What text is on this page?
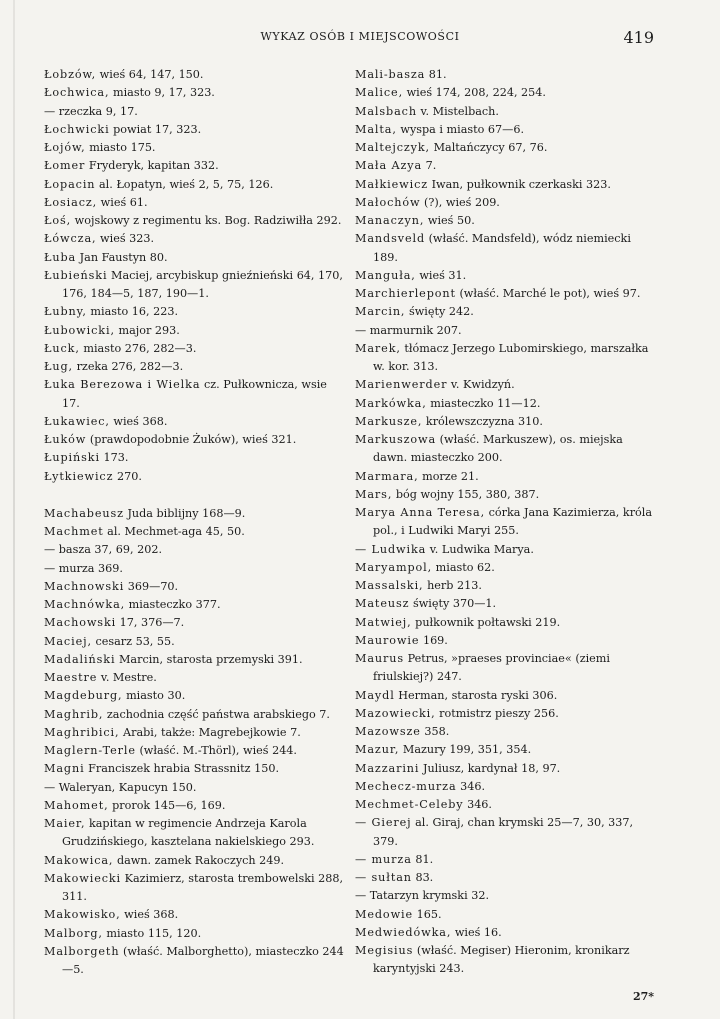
WYKAZ OSÓB I MIEJSCOWOŚCI	419
Łobzów, wieś 64, 147, 150.
Łochwica, miasto 9, 17, 323.
— rzeczka 9, 17.
Łochwicki powiat 17, 323.
Łojów, miasto 175.
Łomer Fryderyk, kapitan 332.
Łopacin al. Łopatyn, wieś 2, 5, 75, 126.
Łosiacz, wieś 61.
Łoś, wojskowy z regimentu ks. Bog. Radziwiłła 292.
Łówcza, wieś 323.
Łuba Jan Faustyn 80.
Łubieński Maciej, arcybiskup gnieźnieński 64, 170, 176, 184—5, 187, 190—1.
Łubny, miasto 16, 223.
Łubowicki, major 293.
Łuck, miasto 276, 282—3.
Ług, rzeka 276, 282—3.
Łuka Berezowa i Wielka cz. Pułkowniсza, wsie 17.
Łukawiec, wieś 368.
Łuków (prawdopodobnie Żuków), wieś 321.
Łupiński 173.
Łytkiewicz 270.
Machabeusz Juda biblijny 168—9.
Machmet al. Mechmet-aga 45, 50.
— basza 37, 69, 202.
— murza 369.
Machnowski 369—70.
Machnówka, miasteczko 377.
Machowski 17, 376—7.
Maciej, cesarz 53, 55.
Madaliński Marcin, starosta przemyski 391.
Maestre v. Mestre.
Magdeburg, miasto 30.
Maghrib, zachodnia część państwa arabskiego 7.
Maghribici, Arabi, także: Magrebejkowie 7.
Maglern-Terle (właść. M.-Thörl), wieś 244.
Magni Franciszek hrabia Strassnitz 150.
— Waleryan, Kapucyn 150.
Mahomet, prorok 145—6, 169.
Maier, kapitan w regimencie Andrzeja Karola Grudzińskiego, kasztelana nakielskiego 293.
Makowica, dawn. zamek Rakoczych 249.
Makowiecki Kazimierz, starosta trembowelski 288, 311.
Makowisko, wieś 368.
Malborg, miasto 115, 120.
Malborgeth (właść. Malborghetto), miasteczko 244—5.
Mali-basza 81.
Malice, wieś 174, 208, 224, 254.
Malsbach v. Mistelbach.
Malta, wyspa i miasto 67—6.
Maltejczyk, Maltańczycy 67, 76.
Mała Azya 7.
Małkiewicz Iwan, pułkownik czerkaski 323.
Małochów (?), wieś 209.
Manaczyn, wieś 50.
Mandsveld (właść. Mandsfeld), wódz niemiecki 189.
Manguła, wieś 31.
Marchierlepont (właść. Marché le pot), wieś 97.
Marcin, święty 242.
— marmurnik 207.
Marek, tłómacz Jerzego Lubomirskiego, marszałka w. kor. 313.
Marienwerder v. Kwidzyń.
Markówka, miasteczko 11—12.
Markusze, królewszczyzna 310.
Markuszowa (właść. Markuszew), os. miejska dawn. miasteczko 200.
Marmara, morze 21.
Mars, bóg wojny 155, 380, 387.
Marya Anna Teresa, córka Jana Kazimierza, króla pol., i Ludwiki Maryi 255.
— Ludwika v. Ludwika Marya.
Maryampol, miasto 62.
Massalski, herb 213.
Mateusz święty 370—1.
Matwiej, pułkownik połtawski 219.
Maurowie 169.
Maurus Petrus, »praeses provinciae« (ziemi friulskiej?) 247.
Maydl Herman, starosta ryski 306.
Mazowiecki, rotmistrz pieszy 256.
Mazowsze 358.
Mazur, Mazury 199, 351, 354.
Mazzarini Juliusz, kardynał 18, 97.
Mechecz-murza 346.
Mechmet-Celeby 346.
— Gierej al. Giraj, chan krymski 25—7, 30, 337, 379.
— murza 81.
— sułtan 83.
— Tatarzyn krymski 32.
Medowie 165.
Medwiedówka, wieś 16.
Megisius (właść. Megiser) Hieronim, kronikarz karyntyjski 243.
27*
